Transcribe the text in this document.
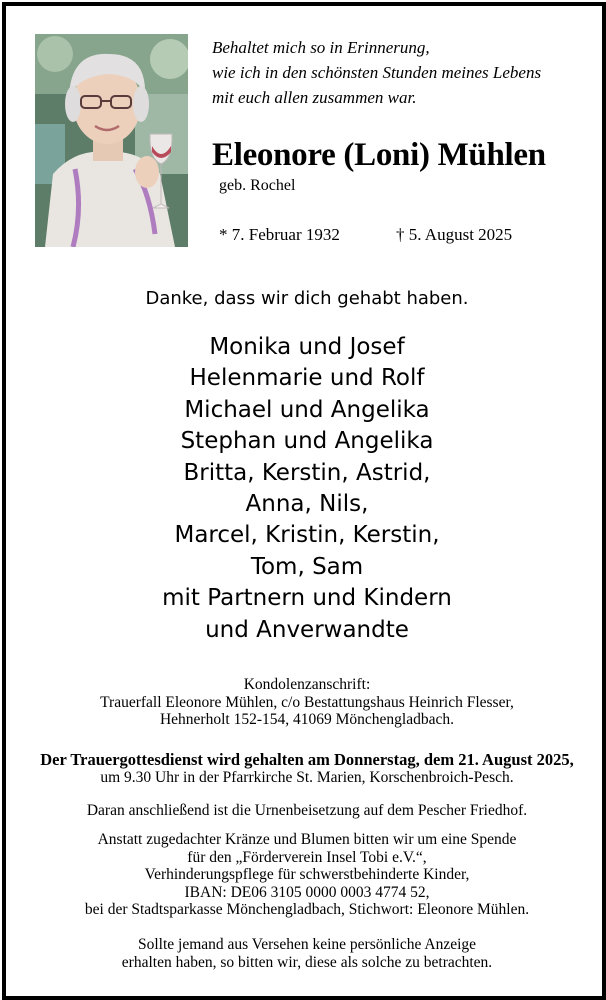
Behaltet mich so in Erinnerung,
wie ich in den schönsten Stunden meines Lebens
mit euch allen zusammen war.
Eleonore (Loni) Mühlen
geb. Rochel
* 7. Februar 1932	† 5. August 2025
Danke, dass wir dich gehabt haben.
Monika und Josef
Helenmarie und Rolf
Michael und Angelika
Stephan und Angelika
Britta, Kerstin, Astrid,
Anna, Nils,
Marcel, Kristin, Kerstin,
Tom, Sam
mit Partnern und Kindern
und Anverwandte
Kondolenzanschrift:
Trauerfall Eleonore Mühlen, c/o Bestattungshaus Heinrich Flesser,
Hehnerholt 152-154, 41069 Mönchengladbach.
Der Trauergottesdienst wird gehalten am Donnerstag, dem 21. August 2025,
um 9.30 Uhr in der Pfarrkirche St. Marien, Korschenbroich-Pesch.
Daran anschließend ist die Urnenbeisetzung auf dem Pescher Friedhof.
Anstatt zugedachter Kränze und Blumen bitten wir um eine Spende
für den „Förderverein Insel Tobi e.V.“,
Verhinderungspflege für schwerstbehinderte Kinder,
IBAN: DE06 3105 0000 0003 4774 52,
bei der Stadtsparkasse Mönchengladbach, Stichwort: Eleonore Mühlen.
Sollte jemand aus Versehen keine persönliche Anzeige
erhalten haben, so bitten wir, diese als solche zu betrachten.
